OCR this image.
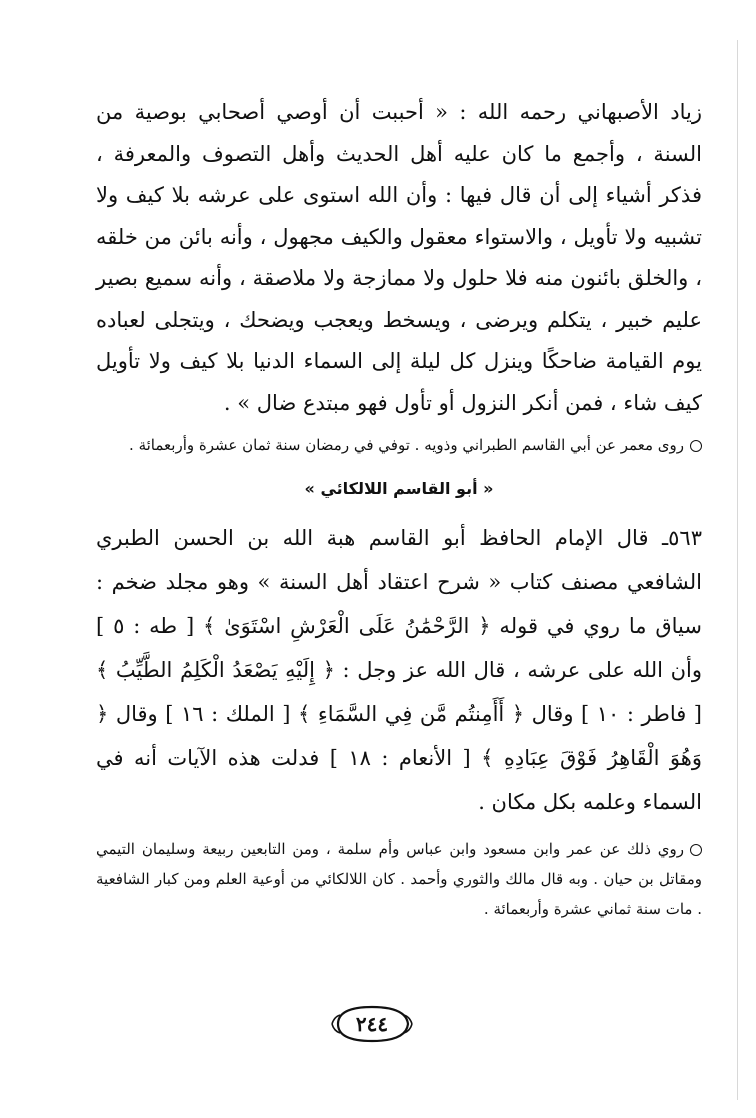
زياد الأصبهاني رحمه الله : « أحببت أن أوصي أصحابي بوصية من السنة ، وأجمع ما كان عليه أهل الحديث وأهل التصوف والمعرفة ، فذكر أشياء إلى أن قال فيها : وأن الله استوى على عرشه بلا كيف ولا تشبيه ولا تأويل ، والاستواء معقول والكيف مجهول ، وأنه بائن من خلقه ، والخلق بائنون منه فلا حلول ولا ممازجة ولا ملاصقة ، وأنه سميع بصير عليم خبير ، يتكلم ويرضى ، ويسخط ويعجب ويضحك ، ويتجلى لعباده يوم القيامة ضاحكًا وينزل كل ليلة إلى السماء الدنيا بلا كيف ولا تأويل كيف شاء ، فمن أنكر النزول أو تأول فهو مبتدع ضال » .

روى معمر عن أبي القاسم الطبراني وذويه . توفي في رمضان سنة ثمان عشرة وأربعمائة .

« أبو القاسم اللالكائي »

٥٦٣ـ قال الإمام الحافظ أبو القاسم هبة الله بن الحسن الطبري الشافعي مصنف كتاب « شرح اعتقاد أهل السنة » وهو مجلد ضخم : سياق ما روي في قوله ﴿ الرَّحْمَٰنُ عَلَى الْعَرْشِ اسْتَوَىٰ ﴾ [ طه : ٥ ] وأن الله على عرشه ، قال الله عز وجل : ﴿ إِلَيْهِ يَصْعَدُ الْكَلِمُ الطَّيِّبُ ﴾ [ فاطر : ١٠ ] وقال ﴿ أَأَمِنتُم مَّن فِي السَّمَاءِ ﴾ [ الملك : ١٦ ] وقال ﴿ وَهُوَ الْقَاهِرُ فَوْقَ عِبَادِهِ ﴾ [ الأنعام : ١٨ ] فدلت هذه الآيات أنه في السماء وعلمه بكل مكان .

روي ذلك عن عمر وابن مسعود وابن عباس وأم سلمة ، ومن التابعين ربيعة وسليمان التيمي ومقاتل بن حيان . وبه قال مالك والثوري وأحمد . كان اللالكائي من أوعية العلم ومن كبار الشافعية . مات سنة ثماني عشرة وأربعمائة .

٢٤٤
